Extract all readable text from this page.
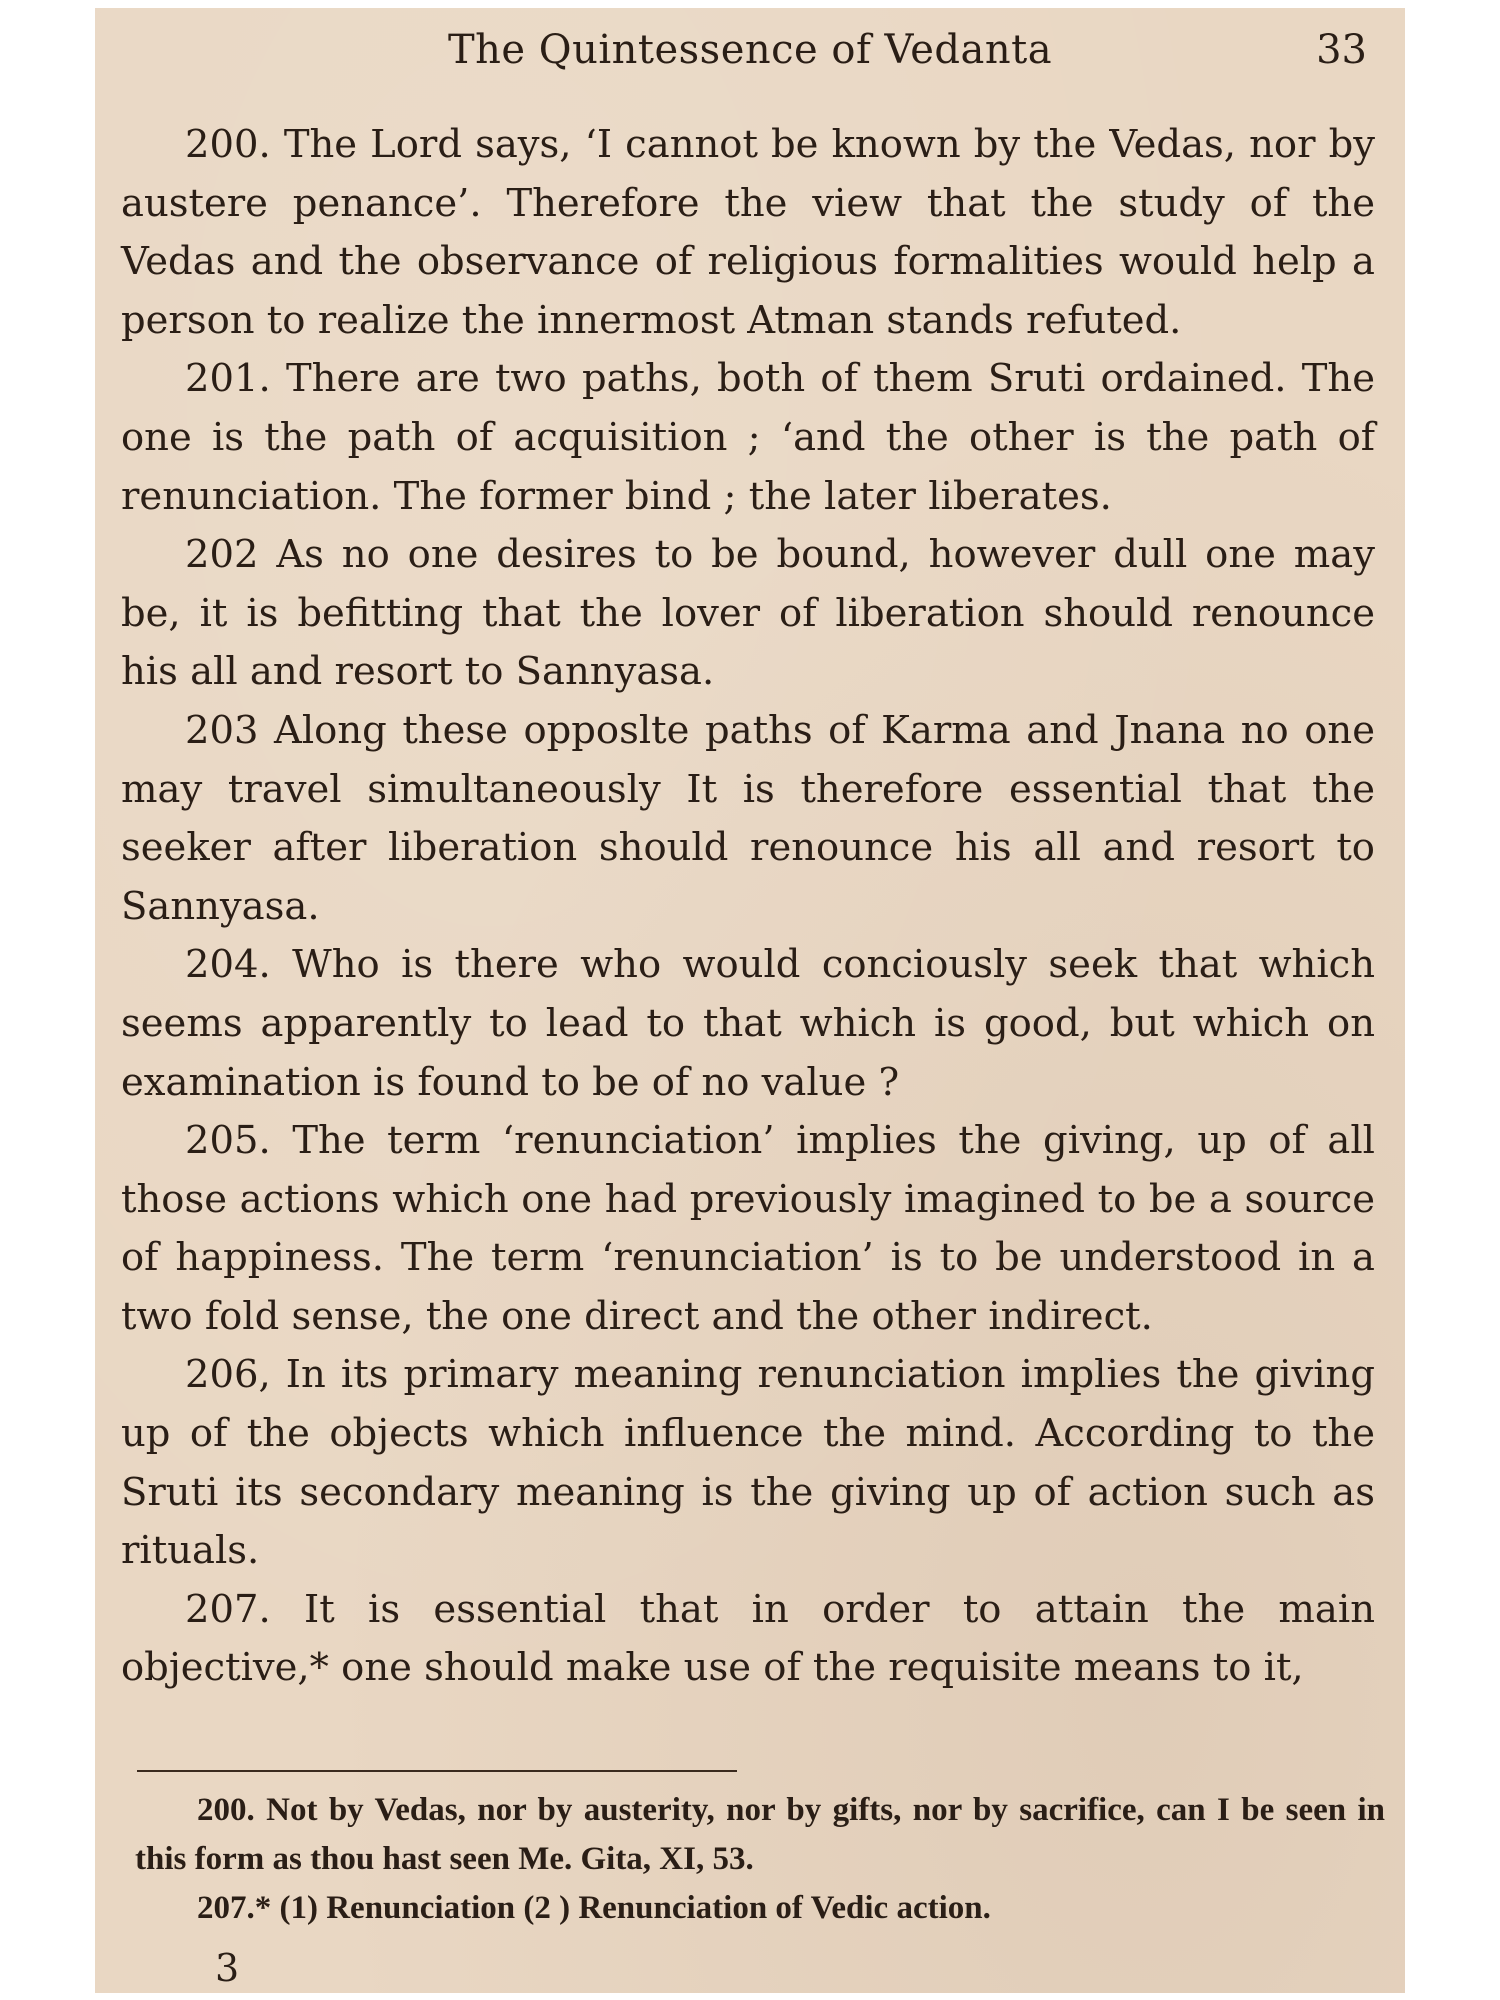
The Quintessence of Vedanta	33

200. The Lord says, ‘I cannot be known by the Vedas, nor by austere penance’. Therefore the view that the study of the Vedas and the observance of religious formalities would help a person to realize the innermost Atman stands refuted.

201. There are two paths, both of them Sruti ordained. The one is the path of acquisition ; ‘and the other is the path of renunciation. The former bind ; the later liberates.

202 As no one desires to be bound, however dull one may be, it is befitting that the lover of liberation should renounce his all and resort to Sannyasa.

203 Along these opposlte paths of Karma and Jnana no one may travel simultaneously It is therefore essential that the seeker after liberation should renounce his all and resort to Sannyasa.

204. Who is there who would conciously seek that which seems apparently to lead to that which is good, but which on examination is found to be of no value ?

205. The term ‘renunciation’ implies the giving, up of all those actions which one had previously imagined to be a source of happiness. The term ‘renunciation’ is to be understood in a two fold sense, the one direct and the other indirect.

206, In its primary meaning renunciation implies the giving up of the objects which influence the mind. According to the Sruti its secondary meaning is the giving up of action such as rituals.

207. It is essential that in order to attain the main objective,* one should make use of the requisite means to it,

200. Not by Vedas, nor by austerity, nor by gifts, nor by sacrifice, can I be seen in this form as thou hast seen Me. Gita, XI, 53.

207.* (1) Renunciation (2 ) Renunciation of Vedic action.

3
